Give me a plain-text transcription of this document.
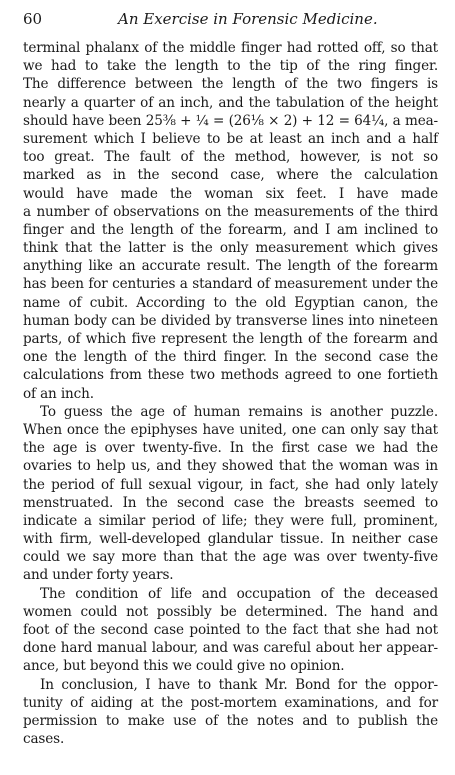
60	An Exercise in Forensic Medicine.
terminal phalanx of the middle finger had rotted off, so that
we had to take the length to the tip of the ring finger.
The difference between the length of the two fingers is
nearly a quarter of an inch, and the tabulation of the height
should have been 25⅜ + ¼ = (26⅛ × 2) + 12 = 64¼, a mea-
surement which I believe to be at least an inch and a half
too great. The fault of the method, however, is not so
marked as in the second case, where the calculation
would have made the woman six feet. I have made
a number of observations on the measurements of the third
finger and the length of the forearm, and I am inclined to
think that the latter is the only measurement which gives
anything like an accurate result. The length of the forearm
has been for centuries a standard of measurement under the
name of cubit. According to the old Egyptian canon, the
human body can be divided by transverse lines into nineteen
parts, of which five represent the length of the forearm and
one the length of the third finger. In the second case the
calculations from these two methods agreed to one fortieth
of an inch.
To guess the age of human remains is another puzzle.
When once the epiphyses have united, one can only say that
the age is over twenty-five. In the first case we had the
ovaries to help us, and they showed that the woman was in
the period of full sexual vigour, in fact, she had only lately
menstruated. In the second case the breasts seemed to
indicate a similar period of life; they were full, prominent,
with firm, well-developed glandular tissue. In neither case
could we say more than that the age was over twenty-five
and under forty years.
The condition of life and occupation of the deceased
women could not possibly be determined. The hand and
foot of the second case pointed to the fact that she had not
done hard manual labour, and was careful about her appear-
ance, but beyond this we could give no opinion.
In conclusion, I have to thank Mr. Bond for the oppor-
tunity of aiding at the post-mortem examinations, and for
permission to make use of the notes and to publish the
cases.
